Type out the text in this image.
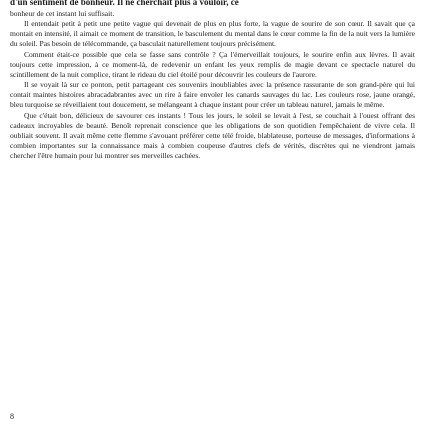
d'un sentiment de bonheur. Il ne cherchait plus à vouloir, ce

bonheur de cet instant lui suffisait.

Il entendait petit à petit une petite vague qui devenait de plus en plus forte, la vague de sourire de son cœur. Il savait que ça montait en intensité, il aimait ce moment de transition, le basculement du mental dans le cœur comme la fin de la nuit vers la lumière du soleil. Pas besoin de télécommande, ça basculait naturellement toujours précisément.

Comment était-ce possible que cela se fasse sans contrôle ? Ça l'émerveillait toujours, le sourire enfin aux lèvres. Il avait toujours cette impression, à ce moment-là, de redevenir un enfant les yeux remplis de magie devant ce spectacle naturel du scintillement de la nuit complice, tirant le rideau du ciel étoilé pour découvrir les couleurs de l'aurore.

Il se voyait là sur ce ponton, petit partageant ces souvenirs inoubliables avec la présence rassurante de son grand-père qui lui contait maintes histoires abracadabrantes avec un rire à faire envoler les canards sauvages du lac. Les couleurs rose, jaune orangé, bleu turquoise se réveillaient tout doucement, se mélangeant à chaque instant pour créer un tableau naturel, jamais le même.

Que c'était bon, délicieux de savourer ces instants ! Tous les jours, le soleil se levait à l'est, se couchait à l'ouest offrant des cadeaux incroyables de beauté. Benoît reprenait conscience que les obligations de son quotidien l'empêchaient de vivre cela. Il oubliait souvent. Il avait même cette flemme s'avouant préférer cette télé froide, blablateuse, porteuse de messages, d'informations à combien importantes sur la connaissance mais à combien coupeuse d'autres clefs de vérités, discrètes qui ne viendront jamais chercher l'être humain pour lui montrer ses merveilles cachées.

8
